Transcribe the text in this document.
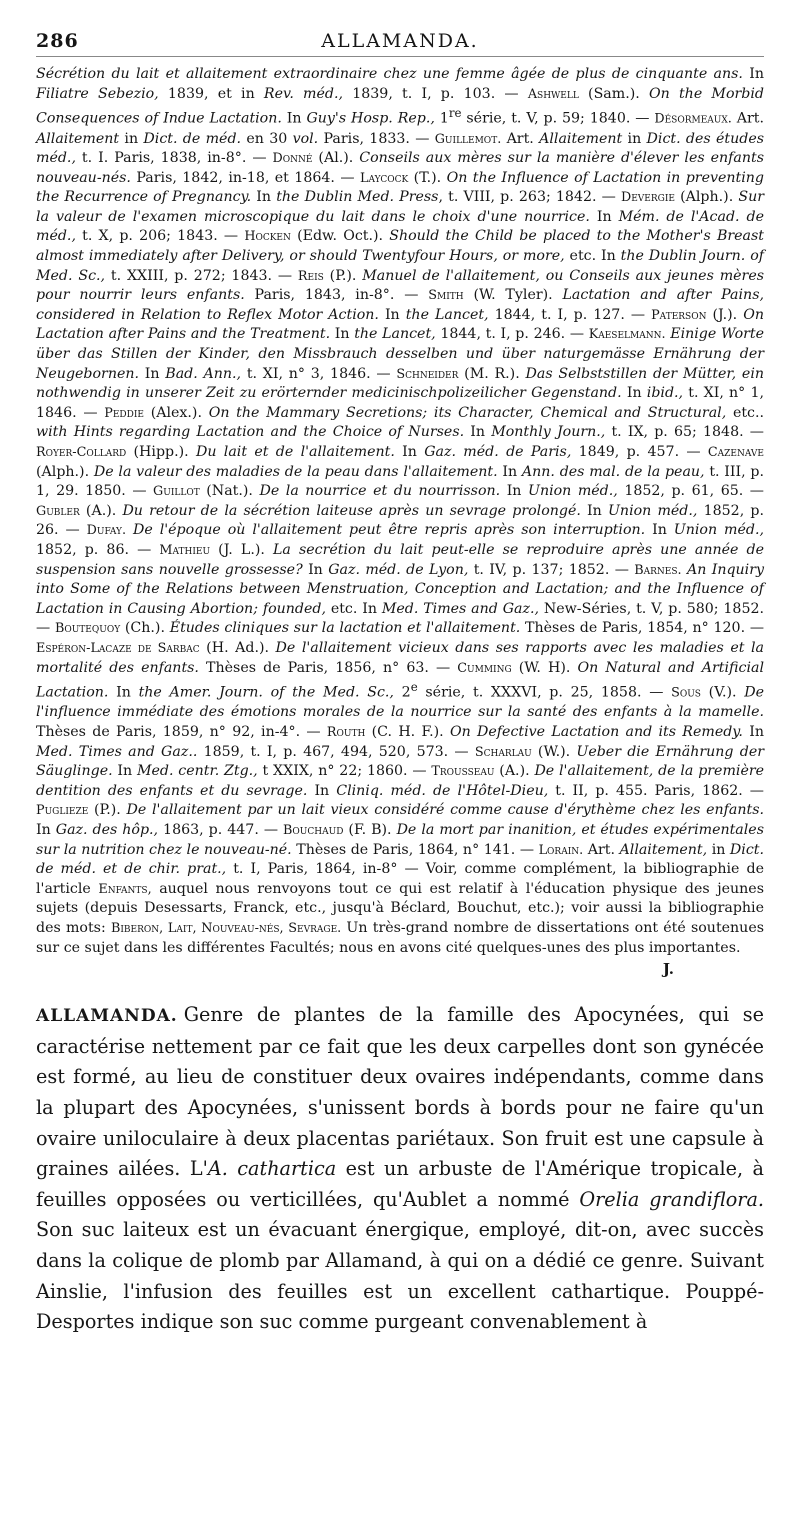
286	ALLAMANDA.

Sécrétion du lait et allaitement extraordinaire chez une femme âgée de plus de cinquante ans. In Filiatre Sebezio, 1839, et in Rev. méd., 1839, t. I, p. 103. — Ashwell (Sam.). On the Morbid Consequences of Indue Lactation. In Guy's Hosp. Rep., 1re série, t. V, p. 59; 1840. — Désormeaux. Art. Allaitement in Dict. de méd. en 30 vol. Paris, 1833. — Guillemot. Art. Allaitement in Dict. des études méd., t. I. Paris, 1838, in-8°. — Donné (Al.). Conseils aux mères sur la manière d'élever les enfants nouveau-nés. Paris, 1842, in-18, et 1864. — Laycock (T.). On the Influence of Lactation in preventing the Recurrence of Pregnancy. In the Dublin Med. Press, t. VIII, p. 263; 1842. — Devergie (Alph.). Sur la valeur de l'examen microscopique du lait dans le choix d'une nourrice. In Mém. de l'Acad. de méd., t. X, p. 206; 1843. — Hocken (Edw. Oct.). Should the Child be placed to the Mother's Breast almost immediately after Delivery, or should Twentyfour Hours, or more, etc. In the Dublin Journ. of Med. Sc., t. XXIII, p. 272; 1843. — Reis (P.). Manuel de l'allaitement, ou Conseils aux jeunes mères pour nourrir leurs enfants. Paris, 1843, in-8°. — Smith (W. Tyler). Lactation and after Pains, considered in Relation to Reflex Motor Action. In the Lancet, 1844, t. I, p. 127. — Paterson (J.). On Lactation after Pains and the Treatment. In the Lancet, 1844, t. I, p. 246. — Kaeselmann. Einige Worte über das Stillen der Kinder, den Missbrauch desselben und über naturgemässe Ernährung der Neugebornen. In Bad. Ann., t. XI, n° 3, 1846. — Schneider (M. R.). Das Selbststillen der Mütter, ein nothwendig in unserer Zeit zu erörternder medicinischpolizeilicher Gegenstand. In ibid., t. XI, n° 1, 1846. — Peddie (Alex.). On the Mammary Secretions; its Character, Chemical and Structural, etc.. with Hints regarding Lactation and the Choice of Nurses. In Monthly Journ., t. IX, p. 65; 1848. — Royer-Collard (Hipp.). Du lait et de l'allaitement. In Gaz. méd. de Paris, 1849, p. 457. — Cazenave (Alph.). De la valeur des maladies de la peau dans l'allaitement. In Ann. des mal. de la peau, t. III, p. 1, 29. 1850. — Guillot (Nat.). De la nourrice et du nourrisson. In Union méd., 1852, p. 61, 65. — Gubler (A.). Du retour de la sécrétion laiteuse après un sevrage prolongé. In Union méd., 1852, p. 26. — Dufay. De l'époque où l'allaitement peut être repris après son interruption. In Union méd., 1852, p. 86. — Mathieu (J. L.). La secrétion du lait peut-elle se reproduire après une année de suspension sans nouvelle grossesse? In Gaz. méd. de Lyon, t. IV, p. 137; 1852. — Barnes. An Inquiry into Some of the Relations between Menstruation, Conception and Lactation; and the Influence of Lactation in Causing Abortion; founded, etc. In Med. Times and Gaz., New-Séries, t. V, p. 580; 1852. — Boutequoy (Ch.). Études cliniques sur la lactation et l'allaitement. Thèses de Paris, 1854, n° 120. — Espéron-Lacaze de Sarbac (H. Ad.). De l'allaitement vicieux dans ses rapports avec les maladies et la mortalité des enfants. Thèses de Paris, 1856, n° 63. — Cumming (W. H). On Natural and Artificial Lactation. In the Amer. Journ. of the Med. Sc., 2e série, t. XXXVI, p. 25, 1858. — Sous (V.). De l'influence immédiate des émotions morales de la nourrice sur la santé des enfants à la mamelle. Thèses de Paris, 1859, n° 92, in-4°. — Routh (C. H. F.). On Defective Lactation and its Remedy. In Med. Times and Gaz.. 1859, t. I, p. 467, 494, 520, 573. — Scharlau (W.). Ueber die Ernährung der Säuglinge. In Med. centr. Ztg., t XXIX, n° 22; 1860. — Trousseau (A.). De l'allaitement, de la première dentition des enfants et du sevrage. In Cliniq. méd. de l'Hôtel-Dieu, t. II, p. 455. Paris, 1862. — Puglieze (P.). De l'allaitement par un lait vieux considéré comme cause d'érythème chez les enfants. In Gaz. des hôp., 1863, p. 447. — Bouchaud (F. B). De la mort par inanition, et études expérimentales sur la nutrition chez le nouveau-né. Thèses de Paris, 1864, n° 141. — Lorain. Art. Allaitement, in Dict. de méd. et de chir. prat., t. I, Paris, 1864, in-8° — Voir, comme complément, la bibliographie de l'article Enfants, auquel nous renvoyons tout ce qui est relatif à l'éducation physique des jeunes sujets (depuis Desessarts, Franck, etc., jusqu'à Béclard, Bouchut, etc.); voir aussi la bibliographie des mots: Biberon, Lait, Nouveau-nés, Sevrage. Un très-grand nombre de dissertations ont été soutenues sur ce sujet dans les différentes Facultés; nous en avons cité quelques-unes des plus importantes.

J.

ALLAMANDA. Genre de plantes de la famille des Apocynées, qui se caractérise nettement par ce fait que les deux carpelles dont son gynécée est formé, au lieu de constituer deux ovaires indépendants, comme dans la plupart des Apocynées, s'unissent bords à bords pour ne faire qu'un ovaire uniloculaire à deux placentas pariétaux. Son fruit est une capsule à graines ailées. L'A. cathartica est un arbuste de l'Amérique tropicale, à feuilles opposées ou verticillées, qu'Aublet a nommé Orelia grandiflora. Son suc laiteux est un évacuant énergique, employé, dit-on, avec succès dans la colique de plomb par Allamand, à qui on a dédié ce genre. Suivant Ainslie, l'infusion des feuilles est un excellent cathartique. Pouppé-Desportes indique son suc comme purgeant convenablement à
